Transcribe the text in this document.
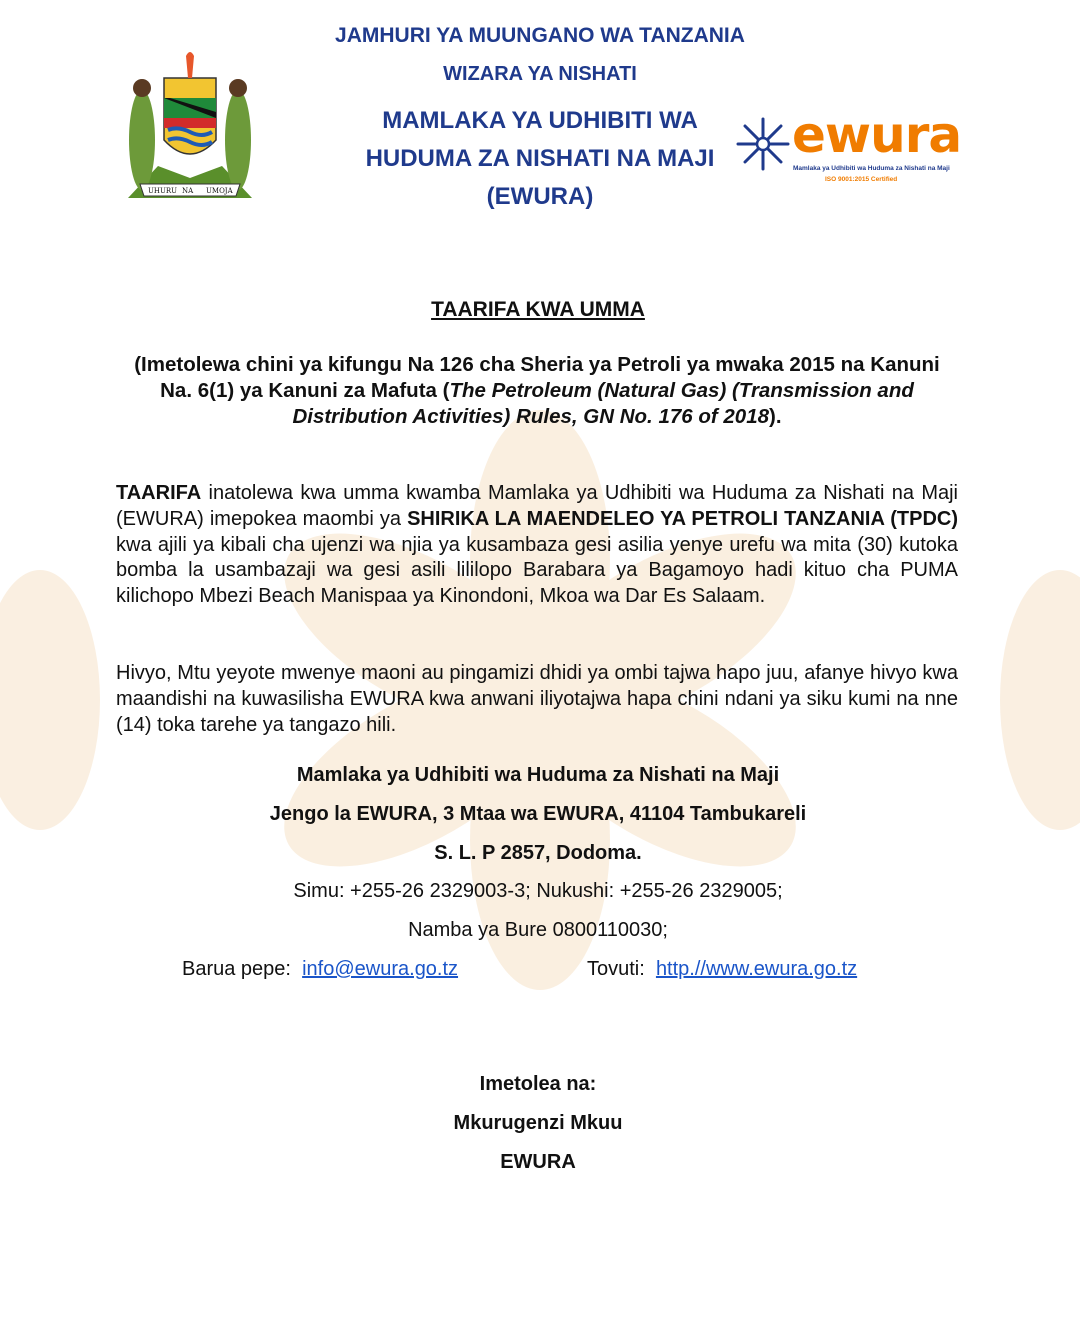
UHURU NA UMOJA
JAMHURI YA MUUNGANO WA TANZANIA
WIZARA YA NISHATI
MAMLAKA YA UDHIBITI WA
HUDUMA ZA NISHATI NA MAJI
(EWURA)
ewura
Mamlaka ya Udhibiti wa Huduma za Nishati na Maji
ISO 9001:2015 Certified
TAARIFA KWA UMMA
(Imetolewa chini ya kifungu Na 126 cha Sheria ya Petroli ya mwaka 2015 na Kanuni Na. 6(1) ya Kanuni za Mafuta (The Petroleum (Natural Gas) (Transmission and Distribution Activities) Rules, GN No. 176 of 2018).
TAARIFA inatolewa kwa umma kwamba Mamlaka ya Udhibiti wa Huduma za Nishati na Maji (EWURA) imepokea maombi ya SHIRIKA LA MAENDELEO YA PETROLI TANZANIA (TPDC) kwa ajili ya kibali cha ujenzi wa njia ya kusambaza gesi asilia yenye urefu wa mita (30) kutoka bomba la usambazaji wa gesi asili lililopo Barabara ya Bagamoyo hadi kituo cha PUMA kilichopo Mbezi Beach Manispaa ya Kinondoni, Mkoa wa Dar Es Salaam.
Hivyo, Mtu yeyote mwenye maoni au pingamizi dhidi ya ombi tajwa hapo juu, afanye hivyo kwa maandishi na kuwasilisha EWURA kwa anwani iliyotajwa hapa chini ndani ya siku kumi na nne (14) toka tarehe ya tangazo hili.
Mamlaka ya Udhibiti wa Huduma za Nishati na Maji
Jengo la EWURA, 3 Mtaa wa EWURA, 41104 Tambukareli
S. L. P 2857, Dodoma.
Simu: +255-26 2329003-3; Nukushi: +255-26 2329005;
Namba ya Bure 0800110030;
Barua pepe: info@ewura.go.tz	Tovuti: http.//www.ewura.go.tz
Imetolea na:
Mkurugenzi Mkuu
EWURA
